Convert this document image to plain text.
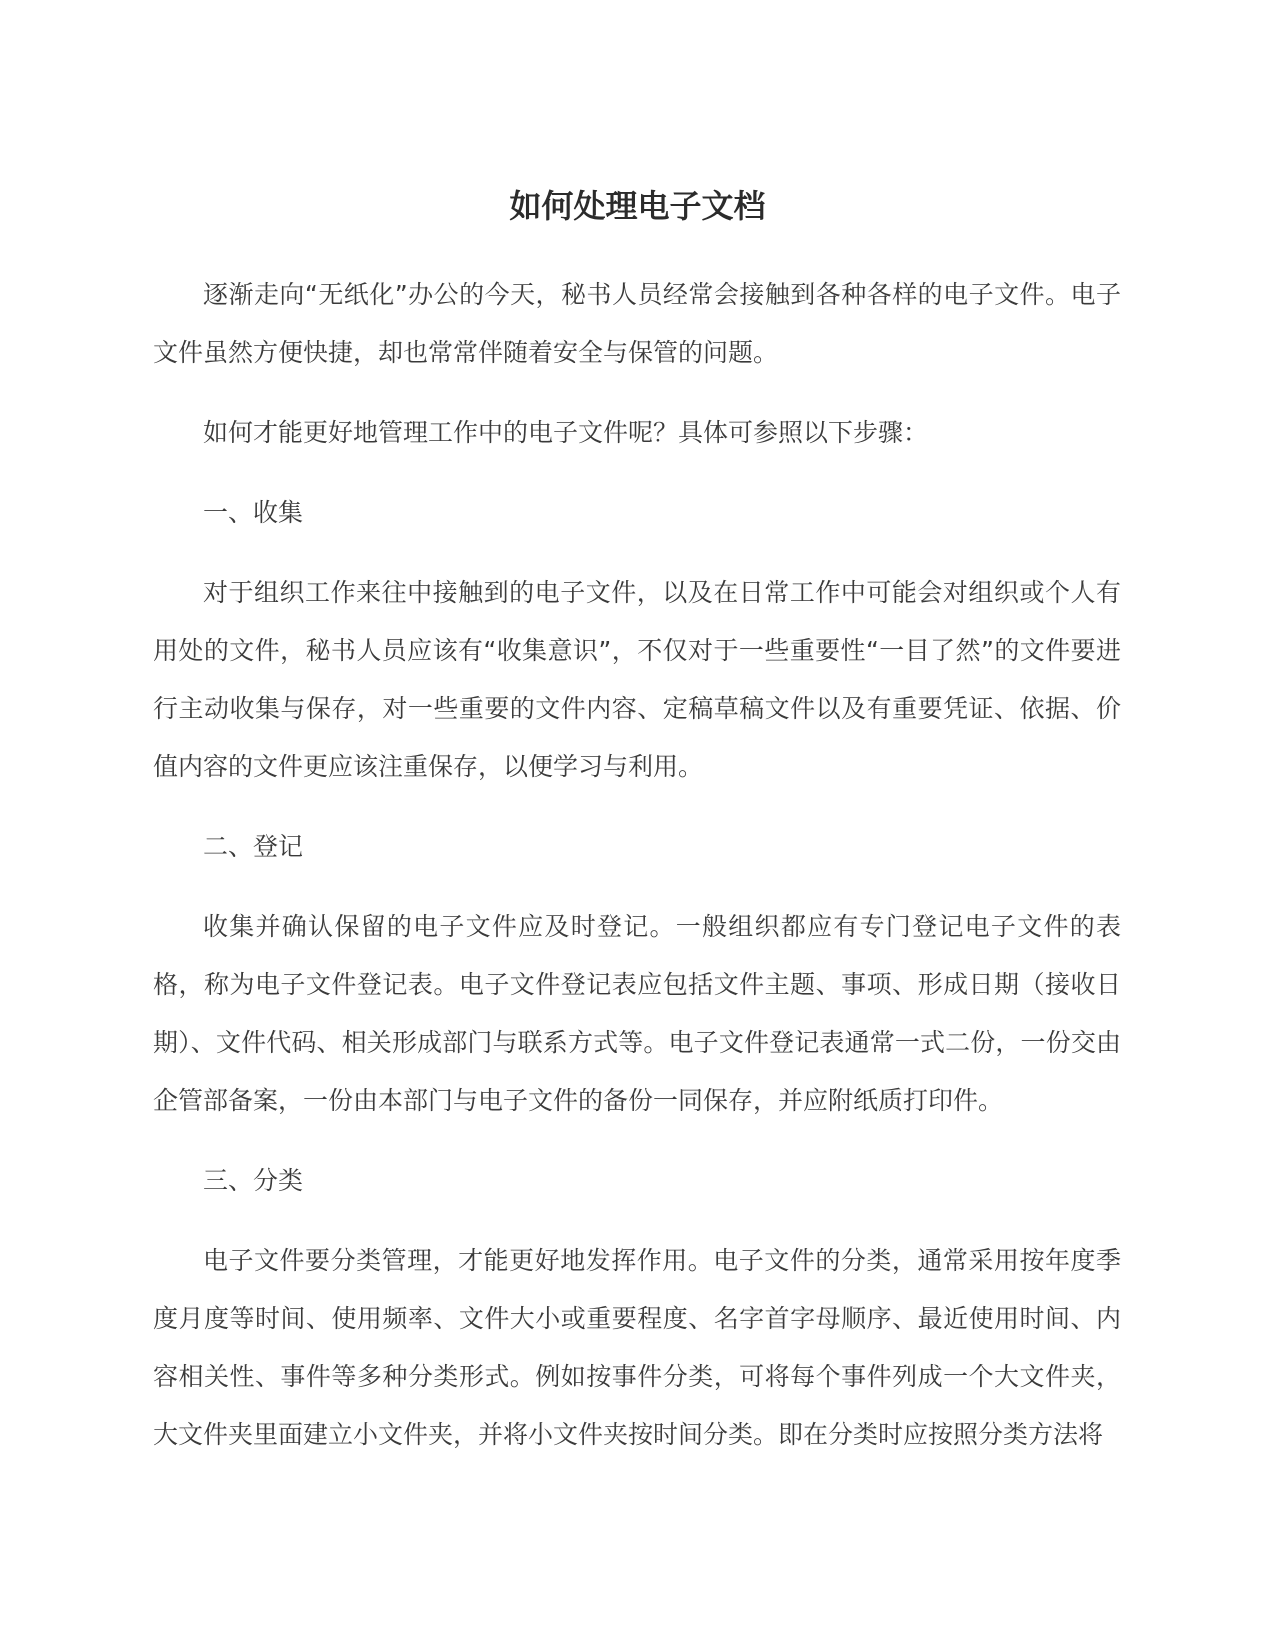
如何处理电子文档

逐渐走向“无纸化”办公的今天，秘书人员经常会接触到各种各样的电子文件。电子文件虽然方便快捷，却也常常伴随着安全与保管的问题。

如何才能更好地管理工作中的电子文件呢？具体可参照以下步骤：

一、收集

对于组织工作来往中接触到的电子文件，以及在日常工作中可能会对组织或个人有用处的文件，秘书人员应该有“收集意识”，不仅对于一些重要性“一目了然”的文件要进行主动收集与保存，对一些重要的文件内容、定稿草稿文件以及有重要凭证、依据、价值内容的文件更应该注重保存，以便学习与利用。

二、登记

收集并确认保留的电子文件应及时登记。一般组织都应有专门登记电子文件的表格，称为电子文件登记表。电子文件登记表应包括文件主题、事项、形成日期（接收日期）、文件代码、相关形成部门与联系方式等。电子文件登记表通常一式二份，一份交由企管部备案，一份由本部门与电子文件的备份一同保存，并应附纸质打印件。

三、分类

电子文件要分类管理，才能更好地发挥作用。电子文件的分类，通常采用按年度季度月度等时间、使用频率、文件大小或重要程度、名字首字母顺序、最近使用时间、内容相关性、事件等多种分类形式。例如按事件分类，可将每个事件列成一个大文件夹，大文件夹里面建立小文件夹，并将小文件夹按时间分类。即在分类时应按照分类方法将
